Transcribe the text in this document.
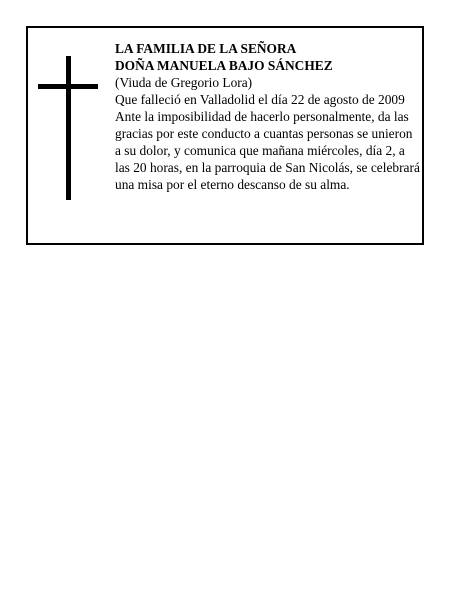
LA FAMILIA DE LA SEÑORA
DOÑA MANUELA BAJO SÁNCHEZ
(Viuda de Gregorio Lora)
Que falleció en Valladolid el día 22 de agosto de 2009

Ante la imposibilidad de hacerlo personalmente, da las gracias por este conducto a cuantas personas se unieron a su dolor, y comunica que mañana miércoles, día 2, a las 20 horas, en la parroquia de San Nicolás, se celebrará una misa por el eterno descanso de su alma.
